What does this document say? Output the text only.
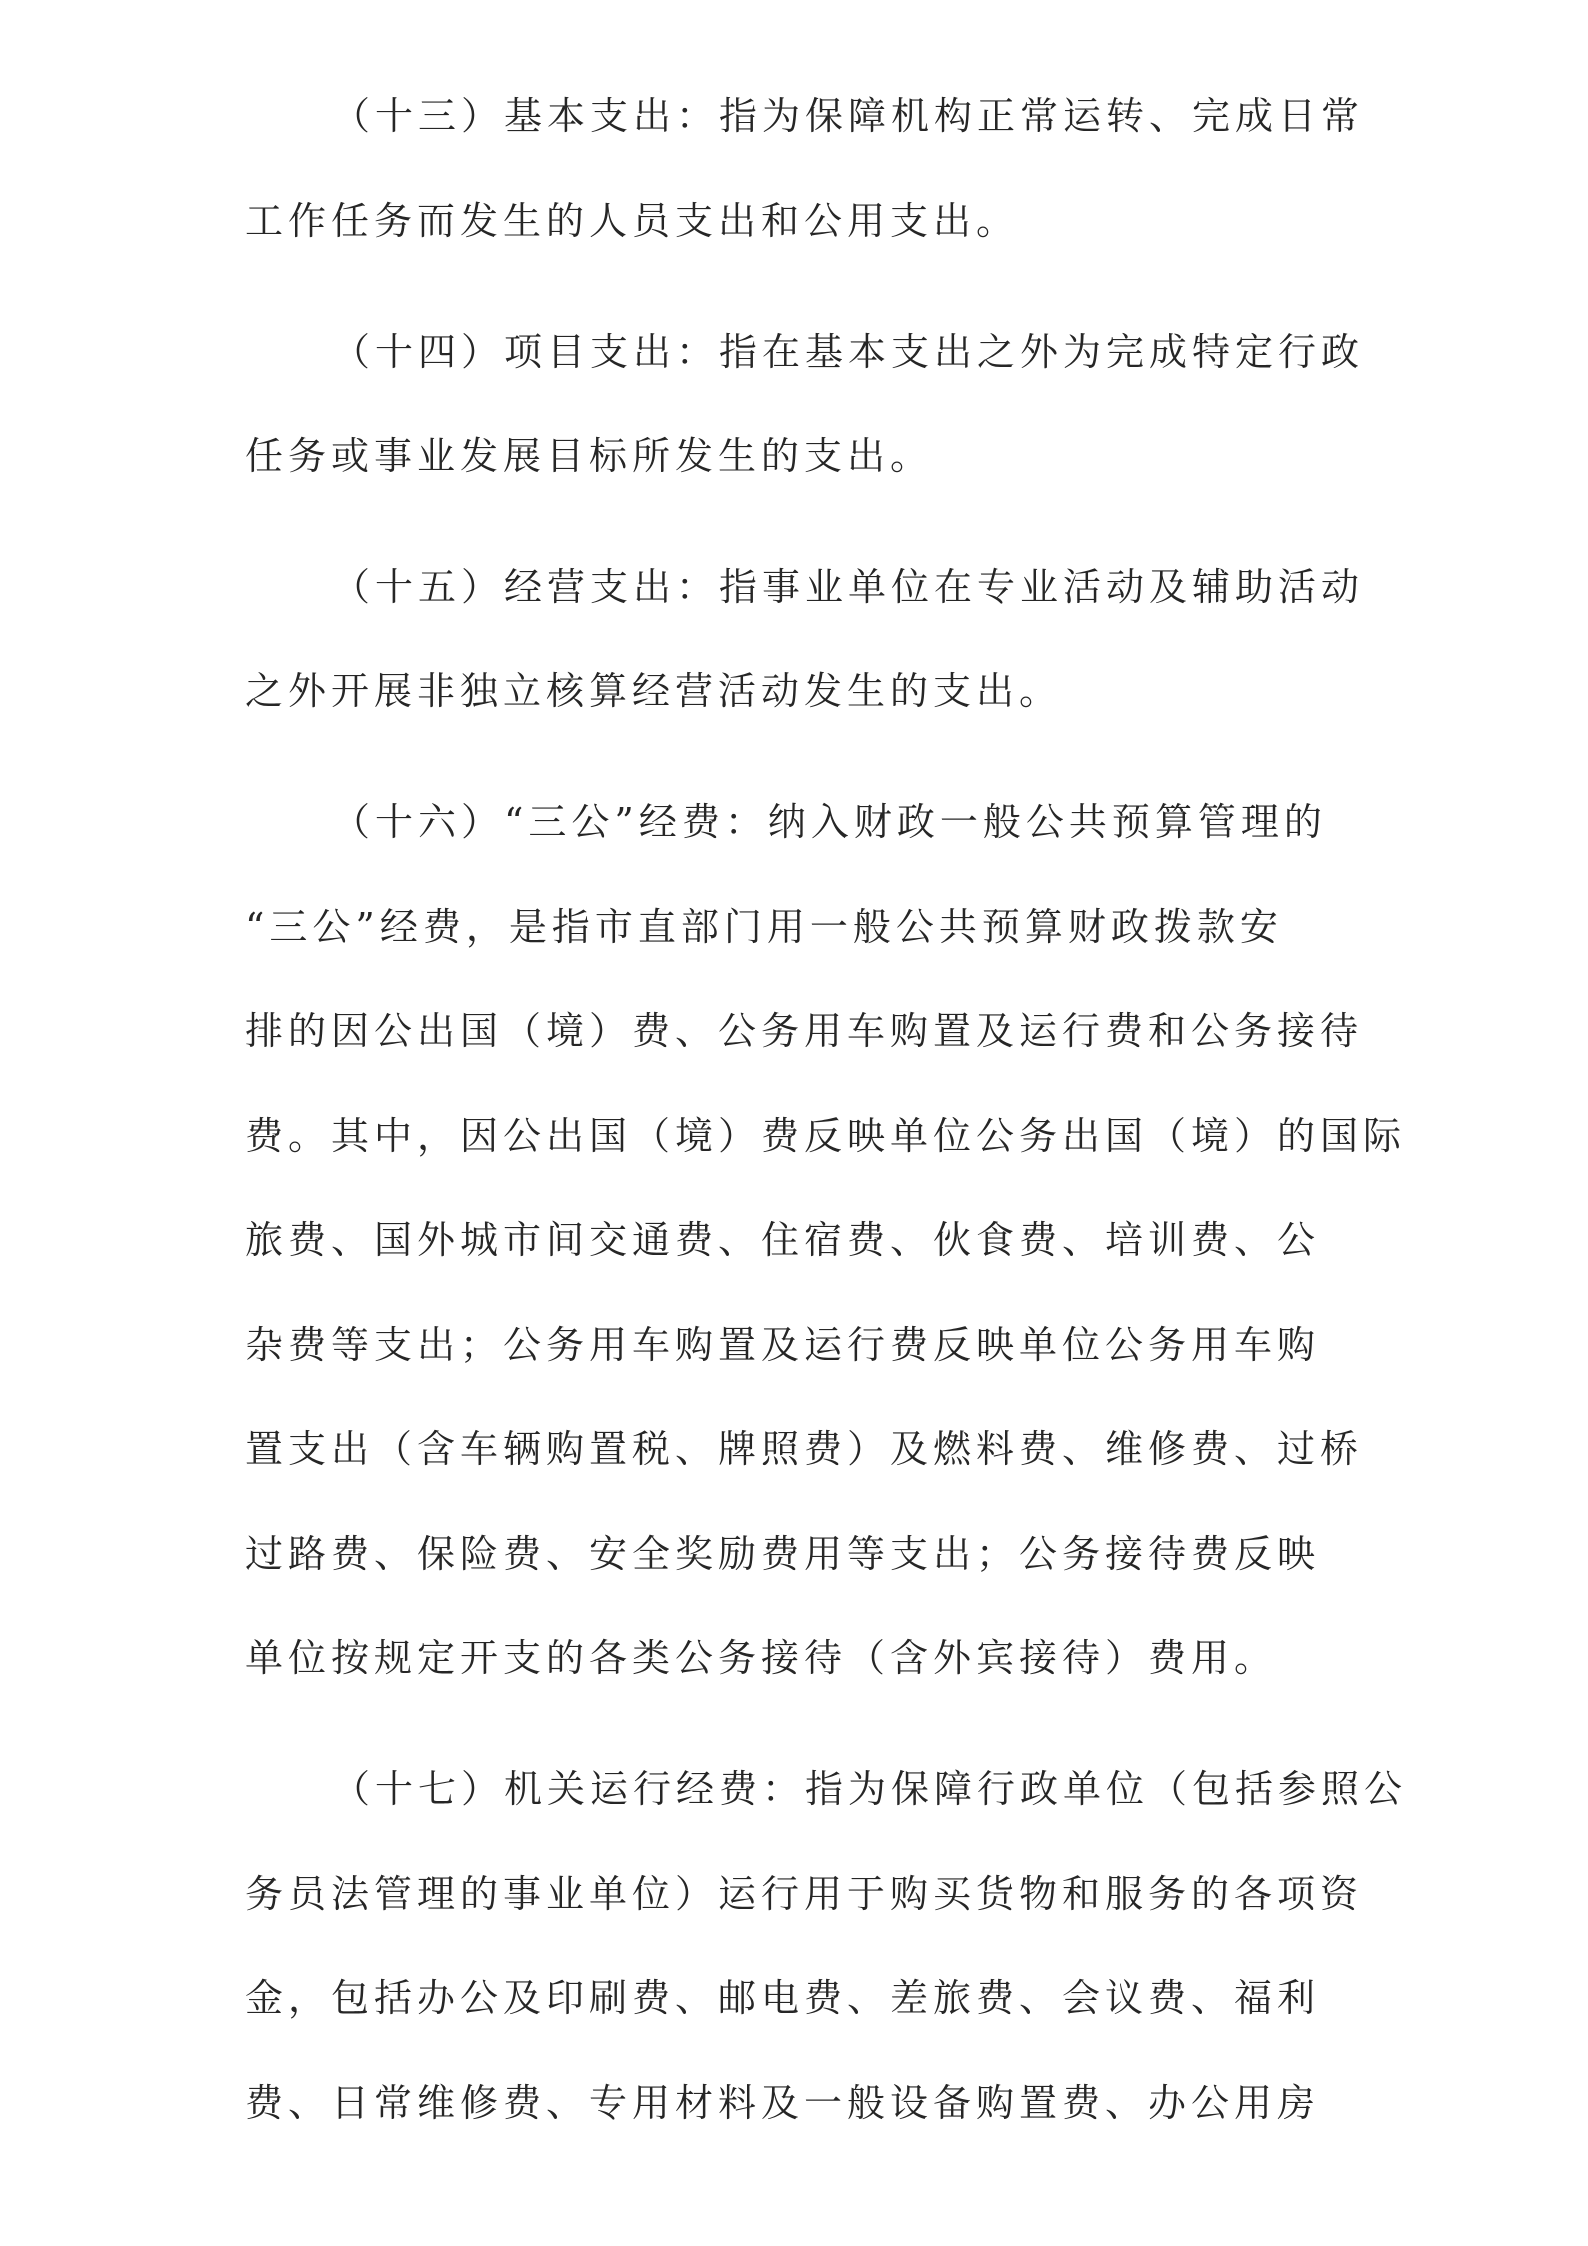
（十三）基本支出：指为保障机构正常运转、完成日常
工作任务而发生的人员支出和公用支出。
（十四）项目支出：指在基本支出之外为完成特定行政
任务或事业发展目标所发生的支出。
（十五）经营支出：指事业单位在专业活动及辅助活动
之外开展非独立核算经营活动发生的支出。
（十六）“三公”经费：纳入财政一般公共预算管理的
“三公”经费，是指市直部门用一般公共预算财政拨款安
排的因公出国（境）费、公务用车购置及运行费和公务接待
费。其中，因公出国（境）费反映单位公务出国（境）的国际
旅费、国外城市间交通费、住宿费、伙食费、培训费、公
杂费等支出；公务用车购置及运行费反映单位公务用车购
置支出（含车辆购置税、牌照费）及燃料费、维修费、过桥
过路费、保险费、安全奖励费用等支出；公务接待费反映
单位按规定开支的各类公务接待（含外宾接待）费用。
（十七）机关运行经费：指为保障行政单位（包括参照公
务员法管理的事业单位）运行用于购买货物和服务的各项资
金，包括办公及印刷费、邮电费、差旅费、会议费、福利
费、日常维修费、专用材料及一般设备购置费、办公用房
